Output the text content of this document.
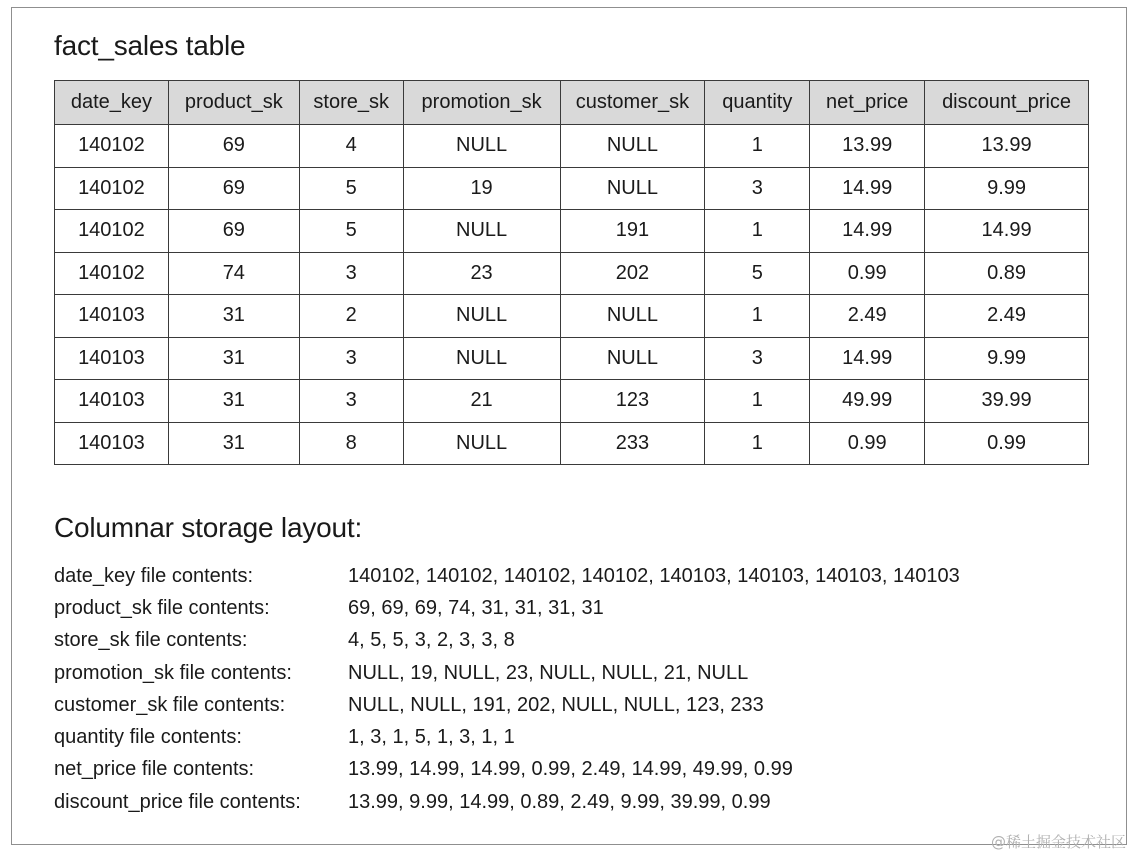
fact_sales table
date_key	product_sk	store_sk	promotion_sk	customer_sk	quantity	net_price	discount_price
140102	69	4	NULL	NULL	1	13.99	13.99
140102	69	5	19	NULL	3	14.99	9.99
140102	69	5	NULL	191	1	14.99	14.99
140102	74	3	23	202	5	0.99	0.89
140103	31	2	NULL	NULL	1	2.49	2.49
140103	31	3	NULL	NULL	3	14.99	9.99
140103	31	3	21	123	1	49.99	39.99
140103	31	8	NULL	233	1	0.99	0.99
Columnar storage layout:
date_key file contents:	140102, 140102, 140102, 140102, 140103, 140103, 140103, 140103
product_sk file contents:	69, 69, 69, 74, 31, 31, 31, 31
store_sk file contents:	4, 5, 5, 3, 2, 3, 3, 8
promotion_sk file contents:	NULL, 19, NULL, 23, NULL, NULL, 21, NULL
customer_sk file contents:	NULL, NULL, 191, 202, NULL, NULL, 123, 233
quantity file contents:	1, 3, 1, 5, 1, 3, 1, 1
net_price file contents:	13.99, 14.99, 14.99, 0.99, 2.49, 14.99, 49.99, 0.99
discount_price file contents:	13.99, 9.99, 14.99, 0.89, 2.49, 9.99, 39.99, 0.99
@稀土掘金技术社区
